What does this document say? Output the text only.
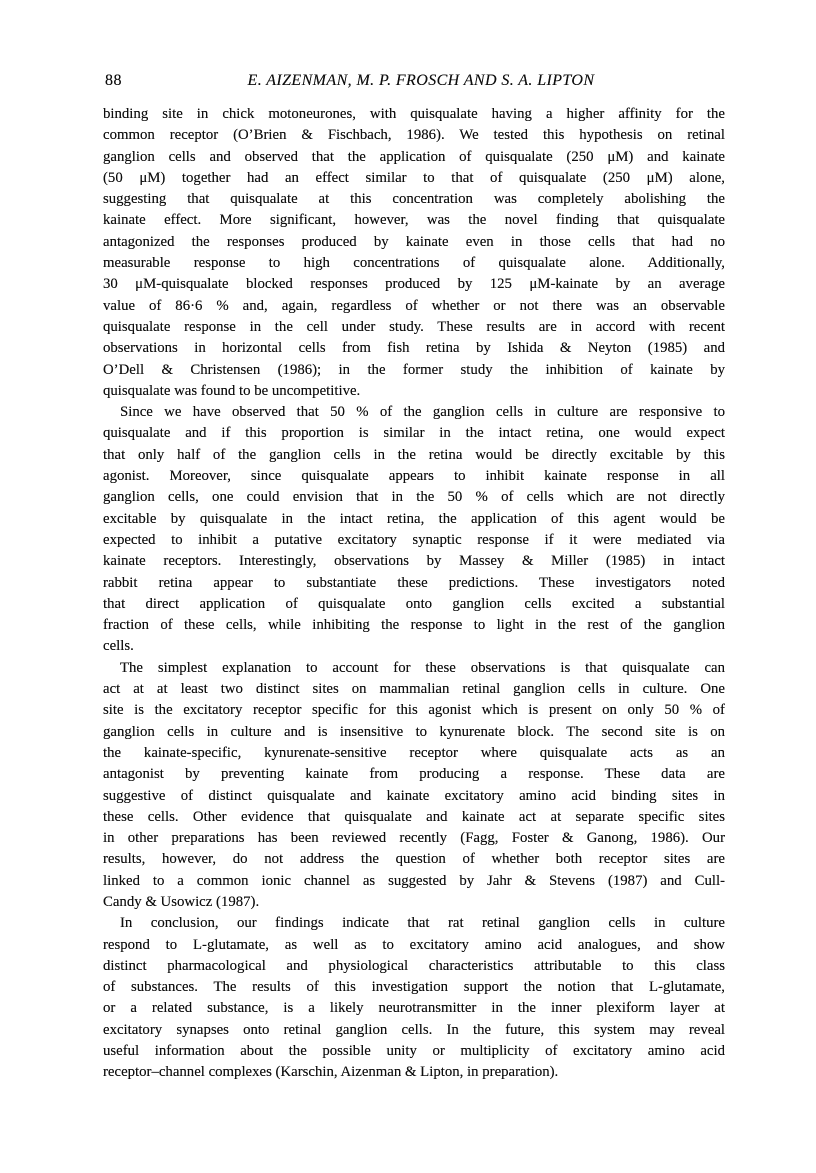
88	E. AIZENMAN, M. P. FROSCH AND S. A. LIPTON
binding site in chick motoneurones, with quisqualate having a higher affinity for the
common receptor (O’Brien & Fischbach, 1986). We tested this hypothesis on retinal
ganglion cells and observed that the application of quisqualate (250 μM) and kainate
(50 μM) together had an effect similar to that of quisqualate (250 μM) alone,
suggesting that quisqualate at this concentration was completely abolishing the
kainate effect. More significant, however, was the novel finding that quisqualate
antagonized the responses produced by kainate even in those cells that had no
measurable response to high concentrations of quisqualate alone. Additionally,
30 μM-quisqualate blocked responses produced by 125 μM-kainate by an average
value of 86·6 % and, again, regardless of whether or not there was an observable
quisqualate response in the cell under study. These results are in accord with recent
observations in horizontal cells from fish retina by Ishida & Neyton (1985) and
O’Dell & Christensen (1986); in the former study the inhibition of kainate by
quisqualate was found to be uncompetitive.
Since we have observed that 50 % of the ganglion cells in culture are responsive to
quisqualate and if this proportion is similar in the intact retina, one would expect
that only half of the ganglion cells in the retina would be directly excitable by this
agonist. Moreover, since quisqualate appears to inhibit kainate response in all
ganglion cells, one could envision that in the 50 % of cells which are not directly
excitable by quisqualate in the intact retina, the application of this agent would be
expected to inhibit a putative excitatory synaptic response if it were mediated via
kainate receptors. Interestingly, observations by Massey & Miller (1985) in intact
rabbit retina appear to substantiate these predictions. These investigators noted
that direct application of quisqualate onto ganglion cells excited a substantial
fraction of these cells, while inhibiting the response to light in the rest of the ganglion
cells.
The simplest explanation to account for these observations is that quisqualate can
act at at least two distinct sites on mammalian retinal ganglion cells in culture. One
site is the excitatory receptor specific for this agonist which is present on only 50 % of
ganglion cells in culture and is insensitive to kynurenate block. The second site is on
the kainate-specific, kynurenate-sensitive receptor where quisqualate acts as an
antagonist by preventing kainate from producing a response. These data are
suggestive of distinct quisqualate and kainate excitatory amino acid binding sites in
these cells. Other evidence that quisqualate and kainate act at separate specific sites
in other preparations has been reviewed recently (Fagg, Foster & Ganong, 1986). Our
results, however, do not address the question of whether both receptor sites are
linked to a common ionic channel as suggested by Jahr & Stevens (1987) and Cull-
Candy & Usowicz (1987).
In conclusion, our findings indicate that rat retinal ganglion cells in culture
respond to L-glutamate, as well as to excitatory amino acid analogues, and show
distinct pharmacological and physiological characteristics attributable to this class
of substances. The results of this investigation support the notion that L-glutamate,
or a related substance, is a likely neurotransmitter in the inner plexiform layer at
excitatory synapses onto retinal ganglion cells. In the future, this system may reveal
useful information about the possible unity or multiplicity of excitatory amino acid
receptor–channel complexes (Karschin, Aizenman & Lipton, in preparation).
